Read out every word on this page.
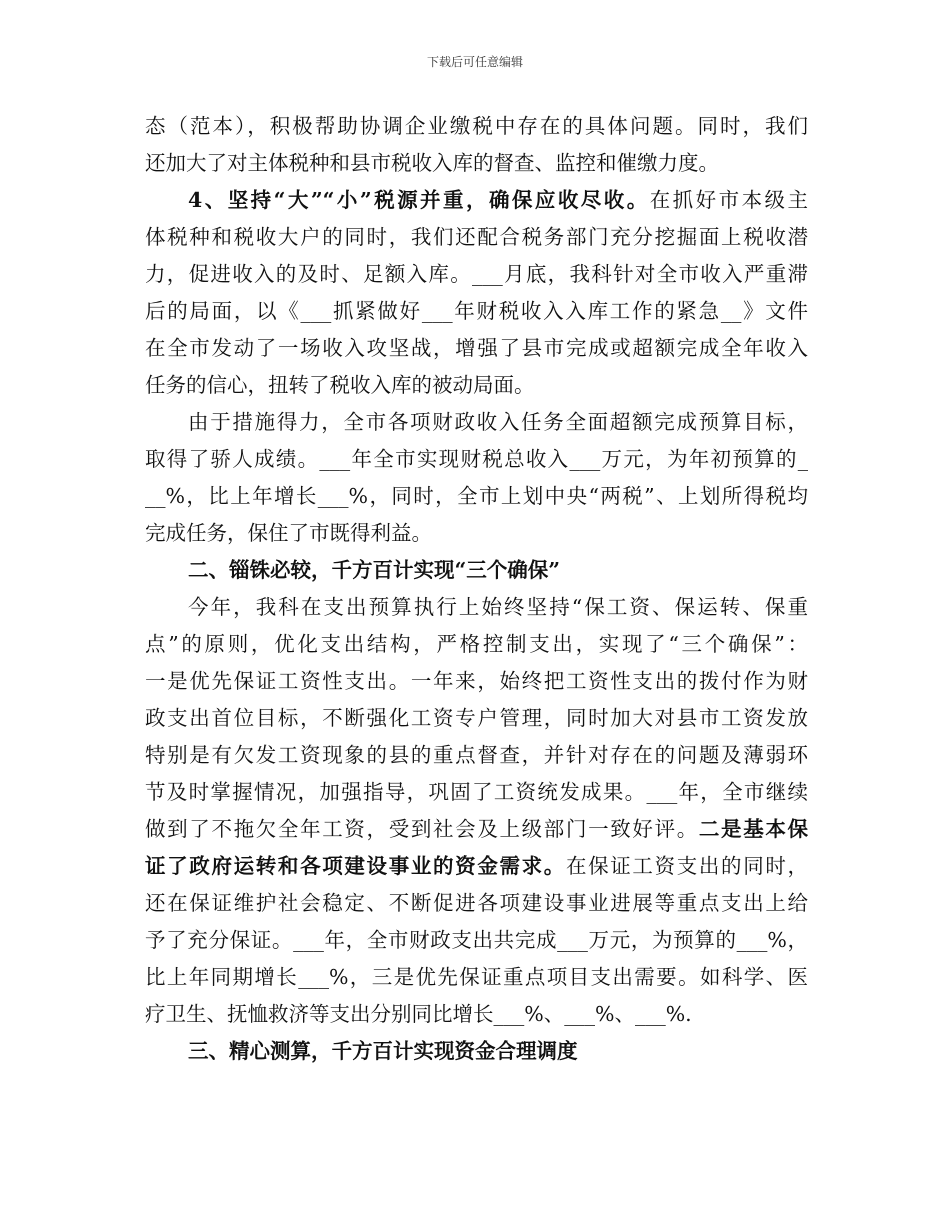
下载后可任意编辑
态（范本），积极帮助协调企业缴税中存在的具体问题。同时，我们
还加大了对主体税种和县市税收入库的督查、监控和催缴力度。
4、坚持“大”“小”税源并重，确保应收尽收。在抓好市本级主
体税种和税收大户的同时，我们还配合税务部门充分挖掘面上税收潜
力，促进收入的及时、足额入库。___月底，我科针对全市收入严重滞
后的局面，以《___抓紧做好___年财税收入入库工作的紧急__》文件
在全市发动了一场收入攻坚战，增强了县市完成或超额完成全年收入
任务的信心，扭转了税收入库的被动局面。
由于措施得力，全市各项财政收入任务全面超额完成预算目标，
取得了骄人成绩。___年全市实现财税总收入___万元，为年初预算的_
__%，比上年增长___%，同时，全市上划中央“两税”、上划所得税均
完成任务，保住了市既得利益。
二、锱铢必较，千方百计实现“三个确保”
今年，我科在支出预算执行上始终坚持“保工资、保运转、保重
点”的原则，优化支出结构，严格控制支出，实现了“三个确保”：
一是优先保证工资性支出。一年来，始终把工资性支出的拨付作为财
政支出首位目标，不断强化工资专户管理，同时加大对县市工资发放
特别是有欠发工资现象的县的重点督查，并针对存在的问题及薄弱环
节及时掌握情况，加强指导，巩固了工资统发成果。___年，全市继续
做到了不拖欠全年工资，受到社会及上级部门一致好评。二是基本保
证了政府运转和各项建设事业的资金需求。在保证工资支出的同时，
还在保证维护社会稳定、不断促进各项建设事业进展等重点支出上给
予了充分保证。___年，全市财政支出共完成___万元，为预算的___%，
比上年同期增长___%，三是优先保证重点项目支出需要。如科学、医
疗卫生、抚恤救济等支出分别同比增长___%、___%、___%.
三、精心测算，千方百计实现资金合理调度
